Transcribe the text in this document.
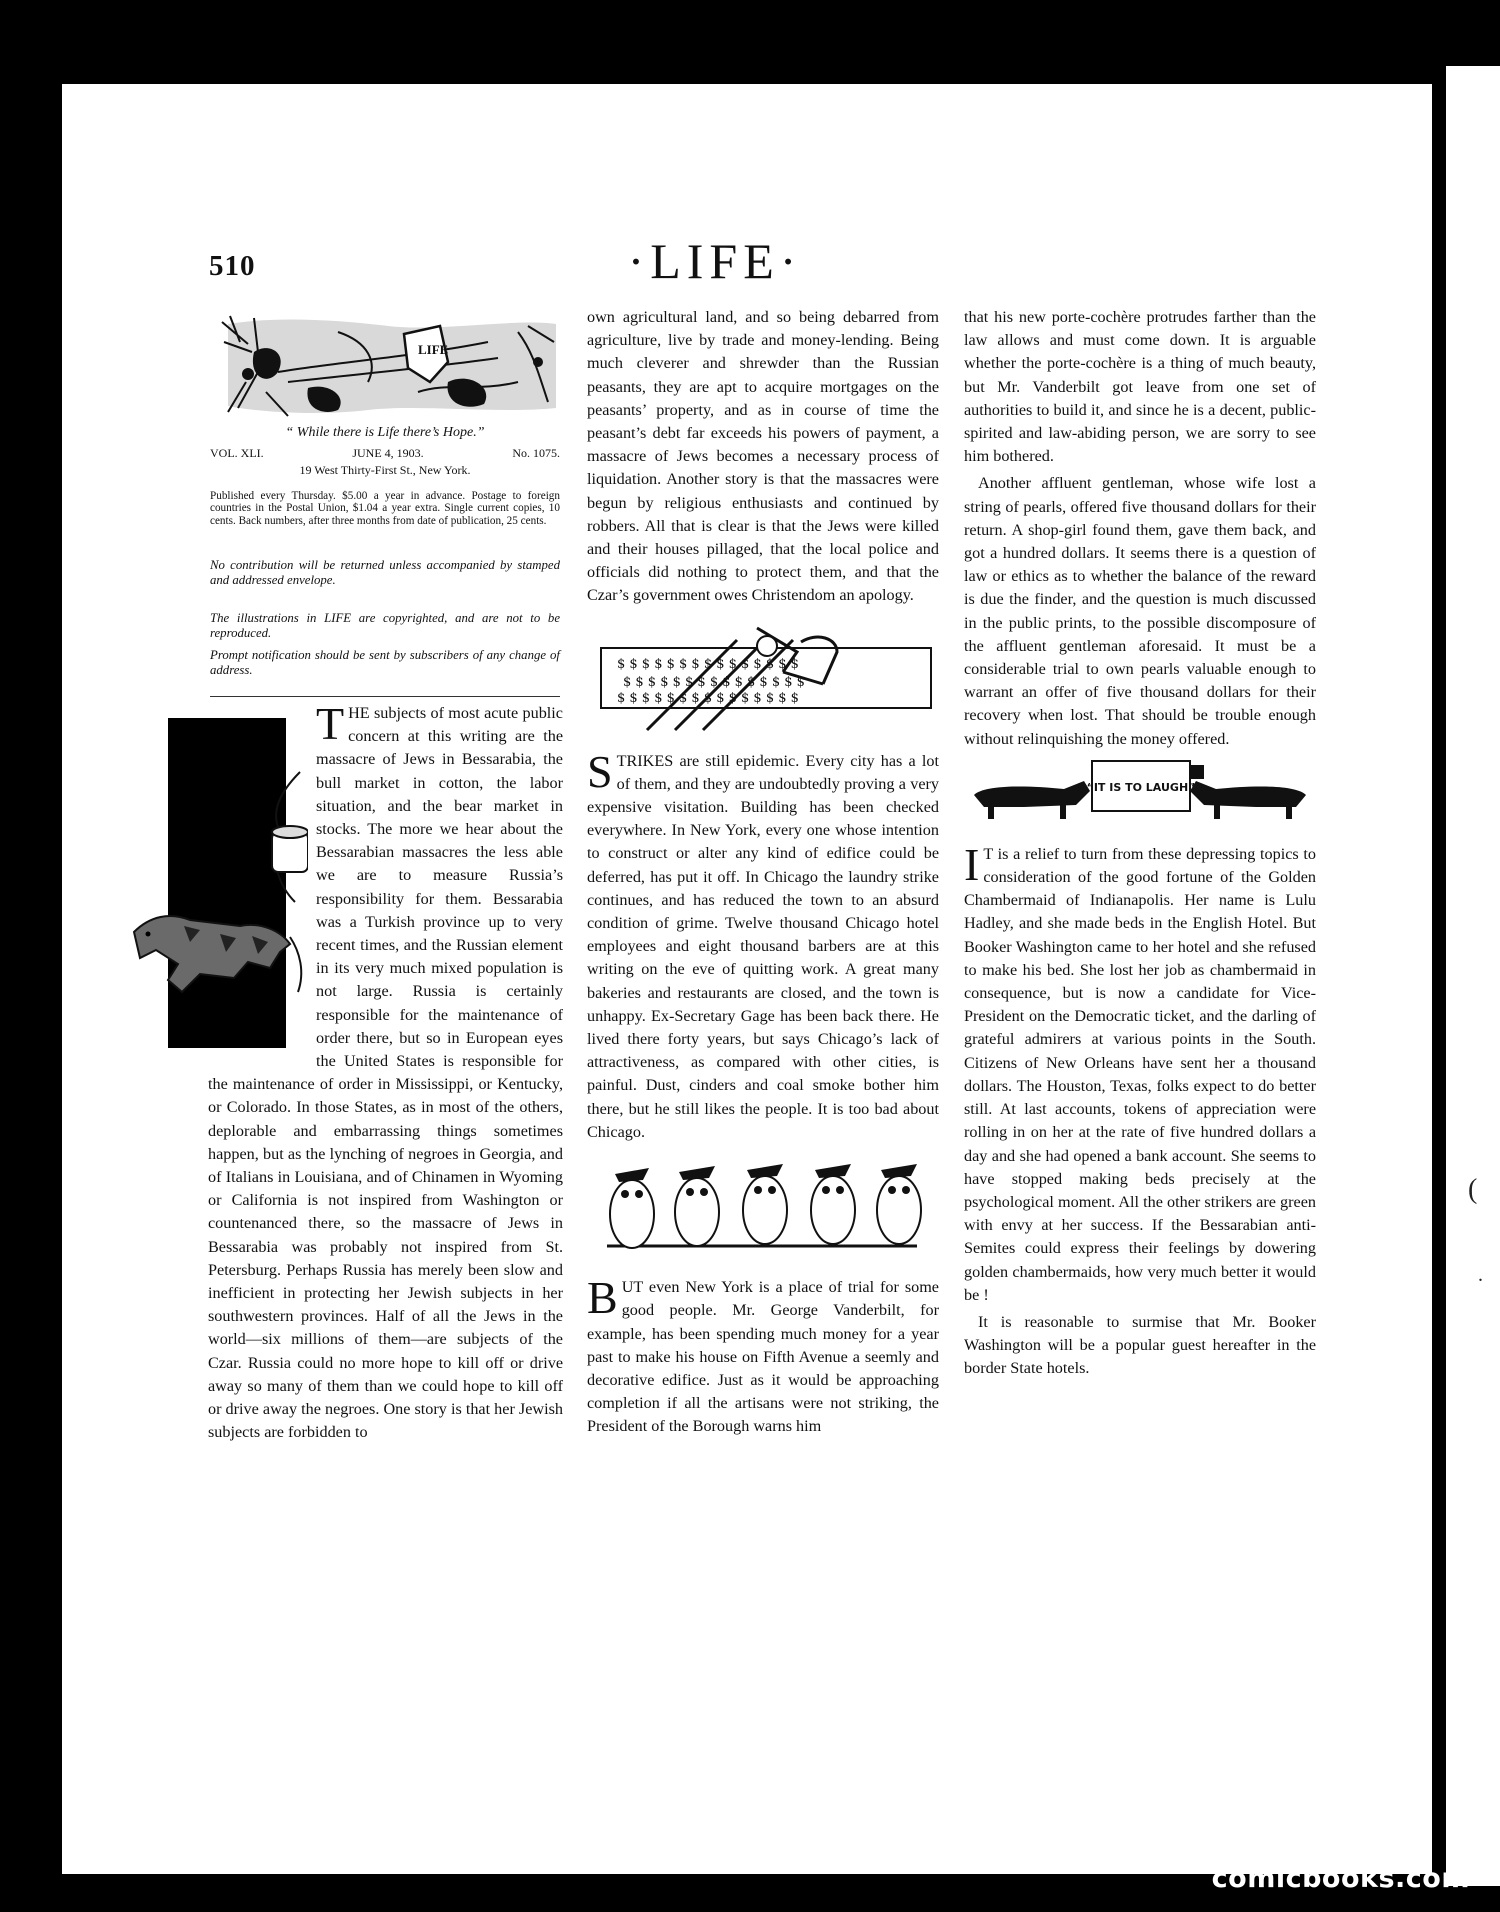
(
.
510	·LIFE·
LIFE
“ While there is Life there’s Hope.”
VOL. XLI.	JUNE 4, 1903.	No. 1075.
19 West Thirty-First St., New York.
Published every Thursday. $5.00 a year in advance. Postage to foreign countries in the Postal Union, $1.04 a year extra. Single current copies, 10 cents. Back numbers, after three months from date of publication, 25 cents.
No contribution will be returned unless accompanied by stamped and addressed envelope.
The illustrations in LIFE are copyrighted, and are not to be reproduced.
Prompt notification should be sent by subscribers of any change of address.

THE subjects of most acute public concern at this writing are the massacre of Jews in Bessarabia, the bull market in cotton, the labor situation, and the bear market in stocks. The more we hear about the Bessarabian massacres the less able we are to measure Russia’s responsibility for them. Bessarabia was a Turkish province up to very recent times, and the Russian element in its very much mixed population is not large. Russia is certainly responsible for the maintenance of order there, but so in European eyes the United States is responsible for the maintenance of order in Mississippi, or Kentucky, or Colorado. In those States, as in most of the others, deplorable and embarrassing things sometimes happen, but as the lynching of negroes in Georgia, and of Italians in Louisiana, and of Chinamen in Wyoming or California is not inspired from Washington or countenanced there, so the massacre of Jews in Bessarabia was probably not inspired from St. Petersburg. Perhaps Russia has merely been slow and inefficient in protecting her Jewish subjects in her southwestern provinces. Half of all the Jews in the world—six millions of them—are subjects of the Czar. Russia could no more hope to kill off or drive away so many of them than we could hope to kill off or drive away the negroes. One story is that her Jewish subjects are forbidden to

own agricultural land, and so being debarred from agriculture, live by trade and money-lending. Being much cleverer and shrewder than the Russian peasants, they are apt to acquire mortgages on the peasants’ property, and as in course of time the peasant’s debt far exceeds his powers of payment, a massacre of Jews becomes a necessary process of liquidation. Another story is that the massacres were begun by religious enthusiasts and continued by robbers. All that is clear is that the Jews were killed and their houses pillaged, that the local police and officials did nothing to protect them, and that the Czar’s government owes Christendom an apology.

$ $ $ $ $ $ $ $ $ $ $ $ $ $ $
$ $ $ $ $ $ $ $ $ $ $ $ $ $ $
$ $ $ $ $ $ $ $ $ $ $ $ $ $ $

STRIKES are still epidemic. Every city has a lot of them, and they are undoubtedly proving a very expensive visitation. Building has been checked everywhere. In New York, every one whose intention to construct or alter any kind of edifice could be deferred, has put it off. In Chicago the laundry strike continues, and has reduced the town to an absurd condition of grime. Twelve thousand Chicago hotel employees and eight thousand barbers are at this writing on the eve of quitting work. A great many bakeries and restaurants are closed, and the town is unhappy. Ex-Secretary Gage has been back there. He lived there forty years, but says Chicago’s lack of attractiveness, as compared with other cities, is painful. Dust, cinders and coal smoke bother him there, but he still likes the people. It is too bad about Chicago.

BUT even New York is a place of trial for some good people. Mr. George Vanderbilt, for example, has been spending much money for a year past to make his house on Fifth Avenue a seemly and decorative edifice. Just as it would be approaching completion if all the artisans were not striking, the President of the Borough warns him

that his new porte-cochère protrudes farther than the law allows and must come down. It is arguable whether the porte-cochère is a thing of much beauty, but Mr. Vanderbilt got leave from one set of authorities to build it, and since he is a decent, public-spirited and law-abiding person, we are sorry to see him bothered.

Another affluent gentleman, whose wife lost a string of pearls, offered five thousand dollars for their return. A shop-girl found them, gave them back, and got a hundred dollars. It seems there is a question of law or ethics as to whether the balance of the reward is due the finder, and the question is much discussed in the public prints, to the possible discomposure of the affluent gentleman aforesaid. It must be a considerable trial to own pearls valuable enough to warrant an offer of five thousand dollars for their recovery when lost. That should be trouble enough without relinquishing the money offered.

“IT IS TO LAUGH”

I T is a relief to turn from these depressing topics to consideration of the good fortune of the Golden Chambermaid of Indianapolis. Her name is Lulu Hadley, and she made beds in the English Hotel. But Booker Washington came to her hotel and she refused to make his bed. She lost her job as chambermaid in consequence, but is now a candidate for Vice-President on the Democratic ticket, and the darling of grateful admirers at various points in the South. Citizens of New Orleans have sent her a thousand dollars. The Houston, Texas, folks expect to do better still. At last accounts, tokens of appreciation were rolling in on her at the rate of five hundred dollars a day and she had opened a bank account. She seems to have stopped making beds precisely at the psychological moment. All the other strikers are green with envy at her success. If the Bessarabian anti-Semites could express their feelings by dowering golden chambermaids, how very much better it would be !

It is reasonable to surmise that Mr. Booker Washington will be a popular guest hereafter in the border State hotels.

comicbooks.com
